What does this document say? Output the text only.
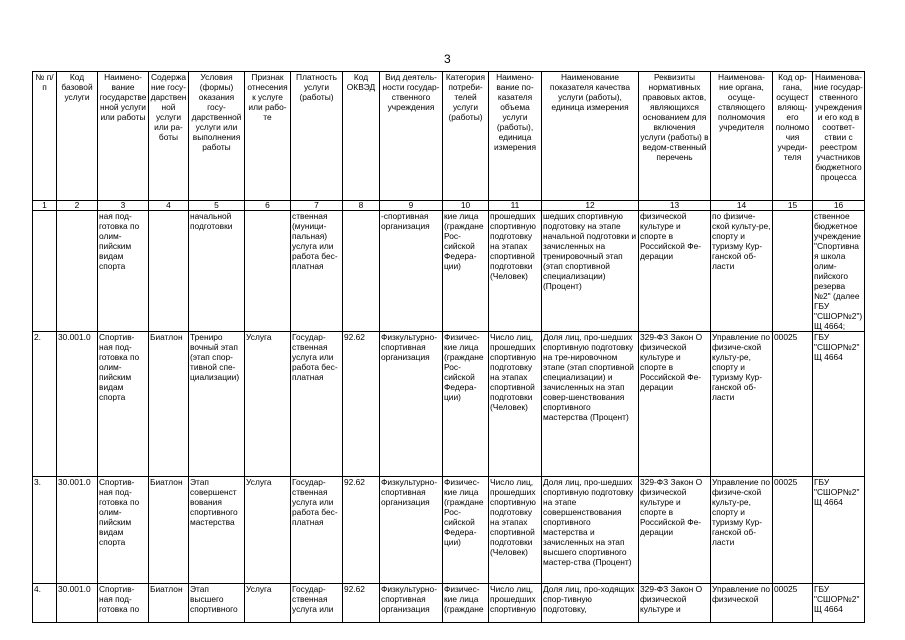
3
№ п/п	Код базовой услуги	Наимено-вание государственной услуги или работы	Содержание госу-дарственной услуги или ра-боты	Условия (формы) оказания госу-дарственной услуги или выполнения работы	Признак отнесения к услуге или рабо-те	Платность услуги (работы)	Код ОКВЭД	Вид деятель-ности государ-ственного учреждения	Категория потреби-телей услуги (работы)	Наимено-вание по-казателя объема услуги (работы), единица измерения	Наименование показателя качества услуги (работы), единица измерения	Реквизиты нормативных правовых актов, являющихся основанием для включения услуги (работы) в ведом-ственный перечень	Наименова-ние органа, осуще-ствляющего полномочия учредителя	Код ор-гана, осущест вляющ-его полномо чия учреди-теля	Наименова-ние государ-ственного учреждения и его код в соответ-ствии с реестром участников бюджетного процесса
1	2	3	4	5	6	7	8	9	10	11	12	13	14	15	16
		ная под-готовка по олим-пийским видам спорта		начальной подготовки		ственная (муници-пальная) услуга или работа бес-платная		-спортивная организация	кие лица (граждане Рос-сийской Федера-ции)	прошедших спортивную подготовку на этапах спортивной подготовки (Человек)	шедших спортивную подготовку на этапе начальной подготовки и зачисленных на тренировочный этап (этап спортивной специализации) (Процент)	физической культуре и спорте в Российской Фе-дерации	по физиче-ской культу-ре, спорту и туризму Кур-ганской об-ласти		ственное бюджетное учреждение "Спортивная школа олим-пийского резерва №2" (далее ГБУ "СШОР№2") Щ 4664;
2.	30.001.0	Спортив-ная под-готовка по олим-пийским видам спорта	Биатлон	Трениро вочный этап (этап спор-тивной спе-циализации)	Услуга	Государ-ственная услуга или работа бес-платная	92.62	Физкультурно-спортивная организация	Физичес-кие лица (граждане Рос-сийской Федера-ции)	Число лиц, прошедших спортивную подготовку на этапах спортивной подготовки (Человек)	Доля лиц, про-шедших спортивную подготовку на тре-нировочном этапе (этап спортивной специализации) и зачисленных на этап совер-шенствования спортивного мастерства (Процент)	329-ФЗ Закон О физической культуре и спорте в Российской Фе-дерации	Управление по физиче-ской культу-ре, спорту и туризму Кур-ганской об-ласти	00025	ГБУ "СШОР№2" Щ 4664
3.	30.001.0	Спортив-ная под-готовка по олим-пийским видам спорта	Биатлон	Этап совершенст вования спортивного мастерства	Услуга	Государ-ственная услуга или работа бес-платная	92.62	Физкультурно-спортивная организация	Физичес-кие лица (граждане Рос-сийской Федера-ции)	Число лиц, прошедших спортивную подготовку на этапах спортивной подготовки (Человек)	Доля лиц, про-шедших спортивную подготовку на этапе совершенствования спортивного мастерства и зачисленных на этап высшего спортивного мастер-ства (Процент)	329-ФЗ Закон О физической культуре и спорте в Российской Фе-дерации	Управление по физиче-ской культу-ре, спорту и туризму Кур-ганской об-ласти	00025	ГБУ "СШОР№2" Щ 4664
4.	30.001.0	Спортив-ная под-готовка по	Биатлон	Этап высшего спортивного	Услуга	Государ-ственная услуга или	92.62	Физкультурно-спортивная организация	Физичес-кие лица (граждане	Число лиц, прошедших спортивную	Доля лиц, про-ходящих спор-тивную подготовку,	329-ФЗ Закон О физической культуре и	Управление по физической	00025	ГБУ "СШОР№2" Щ 4664
